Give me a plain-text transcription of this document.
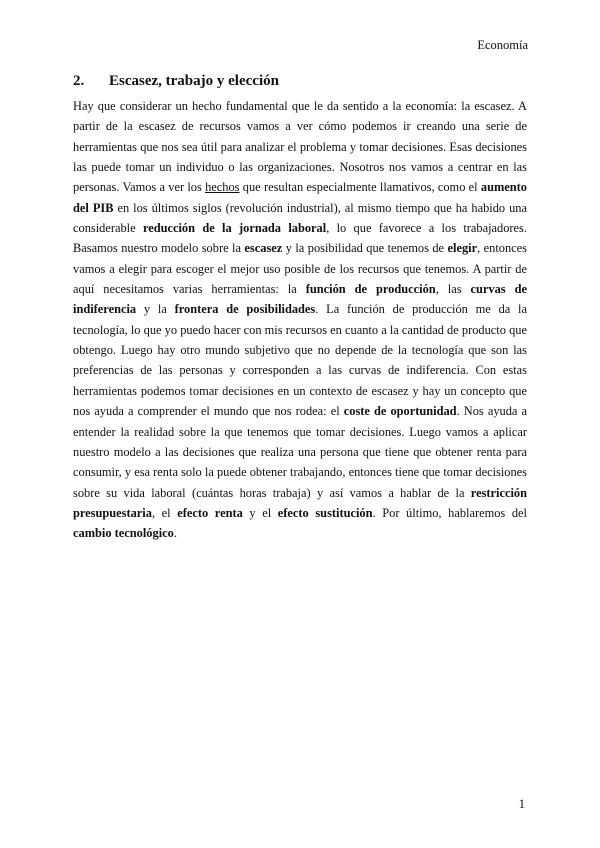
Economía
2. Escasez, trabajo y elección

Hay que considerar un hecho fundamental que le da sentido a la economía: la escasez. A partir de la escasez de recursos vamos a ver cómo podemos ir creando una serie de herramientas que nos sea útil para analizar el problema y tomar decisiones. Esas decisiones las puede tomar un individuo o las organizaciones. Nosotros nos vamos a centrar en las personas. Vamos a ver los hechos que resultan especialmente llamativos, como el aumento del PIB en los últimos siglos (revolución industrial), al mismo tiempo que ha habido una considerable reducción de la jornada laboral, lo que favorece a los trabajadores. Basamos nuestro modelo sobre la escasez y la posibilidad que tenemos de elegir, entonces vamos a elegir para escoger el mejor uso posible de los recursos que tenemos. A partir de aquí necesitamos varias herramientas: la función de producción, las curvas de indiferencia y la frontera de posibilidades. La función de producción me da la tecnología, lo que yo puedo hacer con mis recursos en cuanto a la cantidad de producto que obtengo. Luego hay otro mundo subjetivo que no depende de la tecnología que son las preferencias de las personas y corresponden a las curvas de indiferencia. Con estas herramientas podemos tomar decisiones en un contexto de escasez y hay un concepto que nos ayuda a comprender el mundo que nos rodea: el coste de oportunidad. Nos ayuda a entender la realidad sobre la que tenemos que tomar decisiones. Luego vamos a aplicar nuestro modelo a las decisiones que realiza una persona que tiene que obtener renta para consumir, y esa renta solo la puede obtener trabajando, entonces tiene que tomar decisiones sobre su vida laboral (cuántas horas trabaja) y así vamos a hablar de la restricción presupuestaria, el efecto renta y el efecto sustitución. Por último, hablaremos del cambio tecnológico.

1
